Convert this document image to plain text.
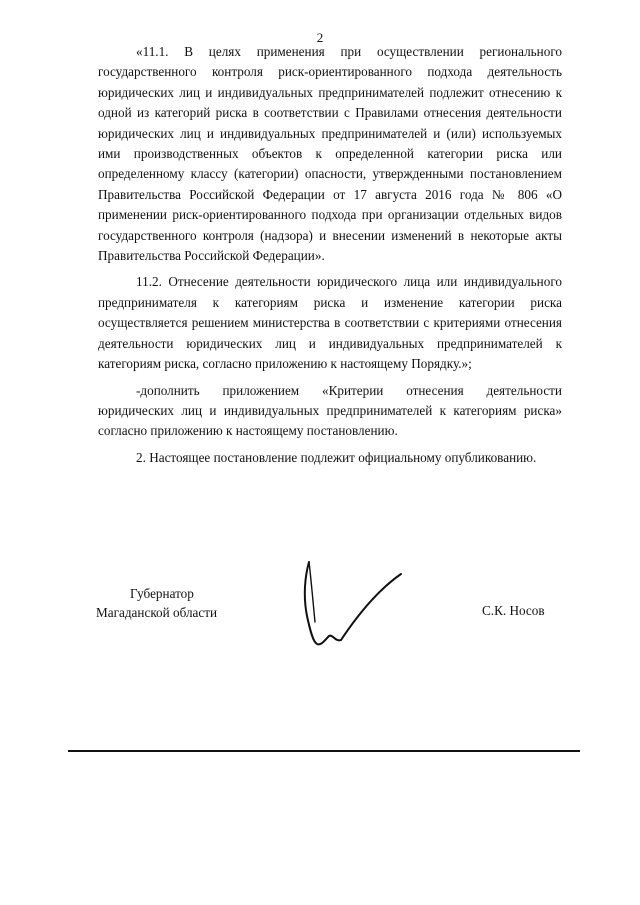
2

«11.1. В целях применения при осуществлении регионального государственного контроля риск-ориентированного подхода деятельность юридических лиц и индивидуальных предпринимателей подлежит отнесению к одной из категорий риска в соответствии с Правилами отнесения деятельности юридических лиц и индивидуальных предпринимателей и (или) используемых ими производственных объектов к определенной категории риска или определенному классу (категории) опасности, утвержденными постановлением Правительства Российской Федерации от 17 августа 2016 года № 806 «О применении риск-ориентированного подхода при организации отдельных видов государственного контроля (надзора) и внесении изменений в некоторые акты Правительства Российской Федерации».

11.2. Отнесение деятельности юридического лица или индивидуального предпринимателя к категориям риска и изменение категории риска осуществляется решением министерства в соответствии с критериями отнесения деятельности юридических лиц и индивидуальных предпринимателей к категориям риска, согласно приложению к настоящему Порядку.»;

-дополнить приложением «Критерии отнесения деятельности юридических лиц и индивидуальных предпринимателей к категориям риска» согласно приложению к настоящему постановлению.

2. Настоящее постановление подлежит официальному опубликованию.

Губернатор
Магаданской области	С.К. Носов
